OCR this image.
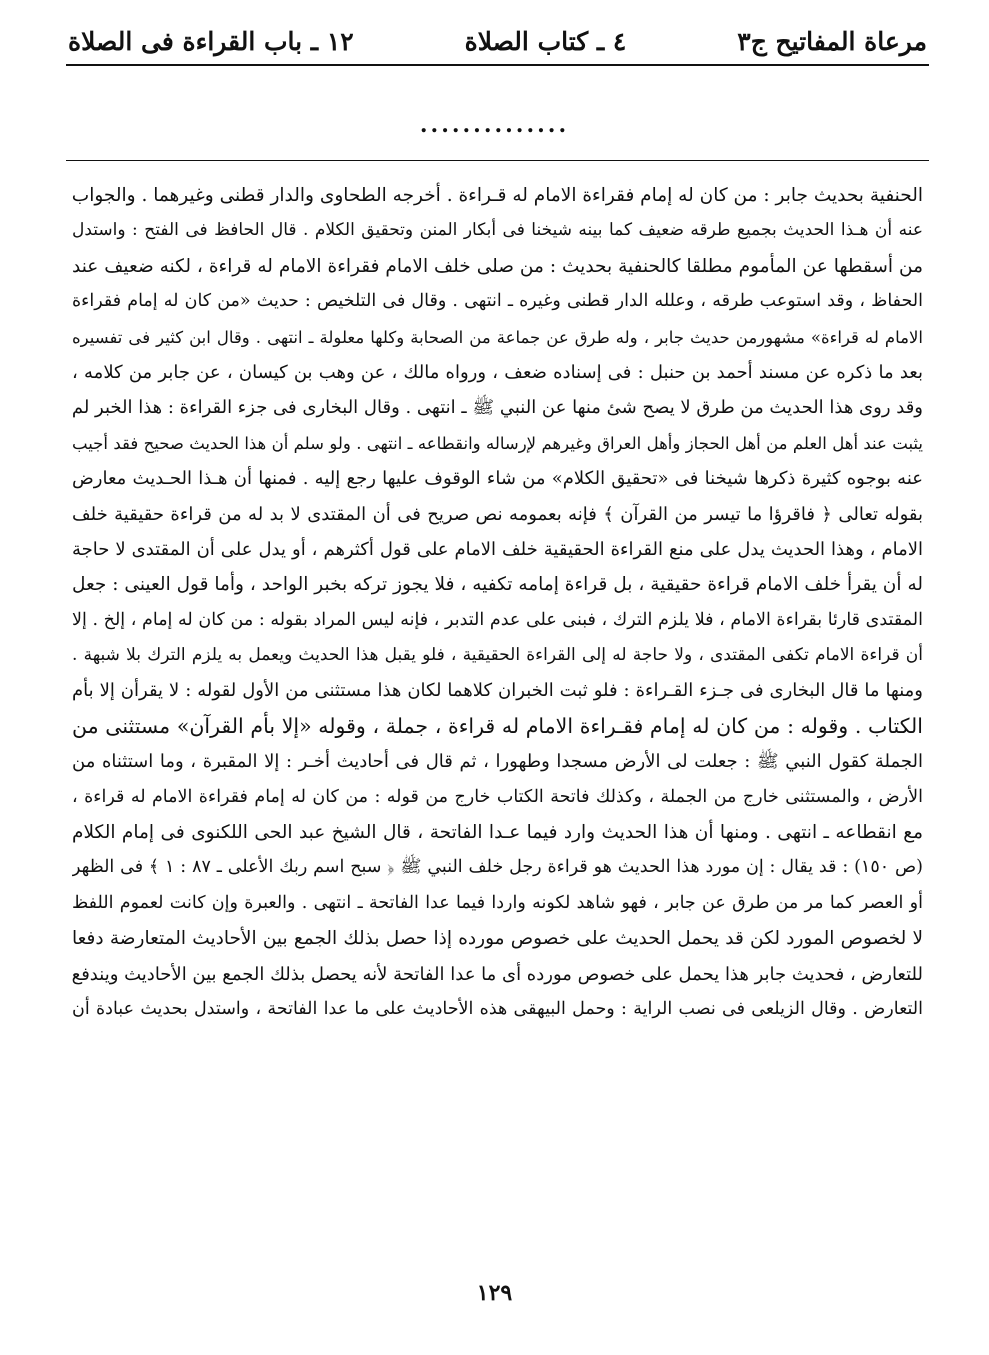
مرعاة المفاتيح ج٣
٤ ـ كتاب الصلاة
١٢ ـ باب القراءة فى الصلاة
..............
الحنفية بحديث جابر : من كان له إمام فقراءة الامام له قـراءة . أخرجه الطحاوى والدار قطنى وغيرهما . والجواب
عنه أن هـذا الحديث بجميع طرقه ضعيف كما بينه شيخنا فى أبكار المنن وتحقيق الكلام . قال الحافظ فى الفتح : واستدل
من أسقطها عن المأموم مطلقا كالحنفية بحديث : من صلى خلف الامام فقراءة الامام له قراءة ، لكنه ضعيف عند
الحفاظ ، وقد استوعب طرقه ، وعلله الدار قطنى وغيره ـ انتهى . وقال فى التلخيص : حديث «من كان له إمام فقراءة
الامام له قراءة» مشهورمن حديث جابر ، وله طرق عن جماعة من الصحابة وكلها معلولة ـ انتهى . وقال ابن كثير فى تفسيره
بعد ما ذكره عن مسند أحمد بن حنبل : فى إسناده ضعف ، ورواه مالك ، عن وهب بن كيسان ، عن جابر من كلامه ،
وقد روى هذا الحديث من طرق لا يصح شئ منها عن النبي ﷺ ـ انتهى . وقال البخارى فى جزء القراءة : هذا الخبر لم
يثبت عند أهل العلم من أهل الحجاز وأهل العراق وغيرهم لإرساله وانقطاعه ـ انتهى . ولو سلم أن هذا الحديث صحيح فقد أجيب
عنه بوجوه كثيرة ذكرها شيخنا فى «تحقيق الكلام» من شاء الوقوف عليها رجع إليه . فمنها أن هـذا الحـديث معارض
بقوله تعالى ﴿ فاقرؤا ما تيسر من القرآن ﴾ فإنه بعمومه نص صريح فى أن المقتدى لا بد له من قراءة حقيقية خلف
الامام ، وهذا الحديث يدل على منع القراءة الحقيقية خلف الامام على قول أكثرهم ، أو يدل على أن المقتدى لا حاجة
له أن يقرأ خلف الامام قراءة حقيقية ، بل قراءة إمامه تكفيه ، فلا يجوز تركه بخبر الواحد ، وأما قول العينى : جعل
المقتدى قارئا بقراءة الامام ، فلا يلزم الترك ، فبنى على عدم التدبر ، فإنه ليس المراد بقوله : من كان له إمام ، إلخ . إلا
أن قراءة الامام تكفى المقتدى ، ولا حاجة له إلى القراءة الحقيقية ، فلو يقبل هذا الحديث ويعمل به يلزم الترك بلا شبهة .
ومنها ما قال البخارى فى جـزء القـراءة : فلو ثبت الخبران كلاهما لكان هذا مستثنى من الأول لقوله : لا يقرأن إلا بأم
الكتاب . وقوله : من كان له إمام فقـراءة الامام له قراءة ، جملة ، وقوله «إلا بأم القرآن» مستثنى من
الجملة كقول النبي ﷺ : جعلت لى الأرض مسجدا وطهورا ، ثم قال فى أحاديث أخـر : إلا المقبرة ، وما استثناه من
الأرض ، والمستثنى خارج من الجملة ، وكذلك فاتحة الكتاب خارج من قوله : من كان له إمام فقراءة الامام له قراءة ،
مع انقطاعه ـ انتهى . ومنها أن هذا الحديث وارد فيما عـدا الفاتحة ، قال الشيخ عبد الحى اللكنوى فى إمام الكلام
(ص ١٥٠) : قد يقال : إن مورد هذا الحديث هو قراءة رجل خلف النبي ﷺ ﴿ سبح اسم ربك الأعلى ـ ٨٧ : ١ ﴾ فى الظهر
أو العصر كما مر من طرق عن جابر ، فهو شاهد لكونه واردا فيما عدا الفاتحة ـ انتهى . والعبرة وإن كانت لعموم اللفظ
لا لخصوص المورد لكن قد يحمل الحديث على خصوص مورده إذا حصل بذلك الجمع بين الأحاديث المتعارضة دفعا
للتعارض ، فحديث جابر هذا يحمل على خصوص مورده أى ما عدا الفاتحة لأنه يحصل بذلك الجمع بين الأحاديث ويندفع
التعارض . وقال الزيلعى فى نصب الراية : وحمل البيهقى هذه الأحاديث على ما عدا الفاتحة ، واستدل بحديث عبادة أن
١٢٩
